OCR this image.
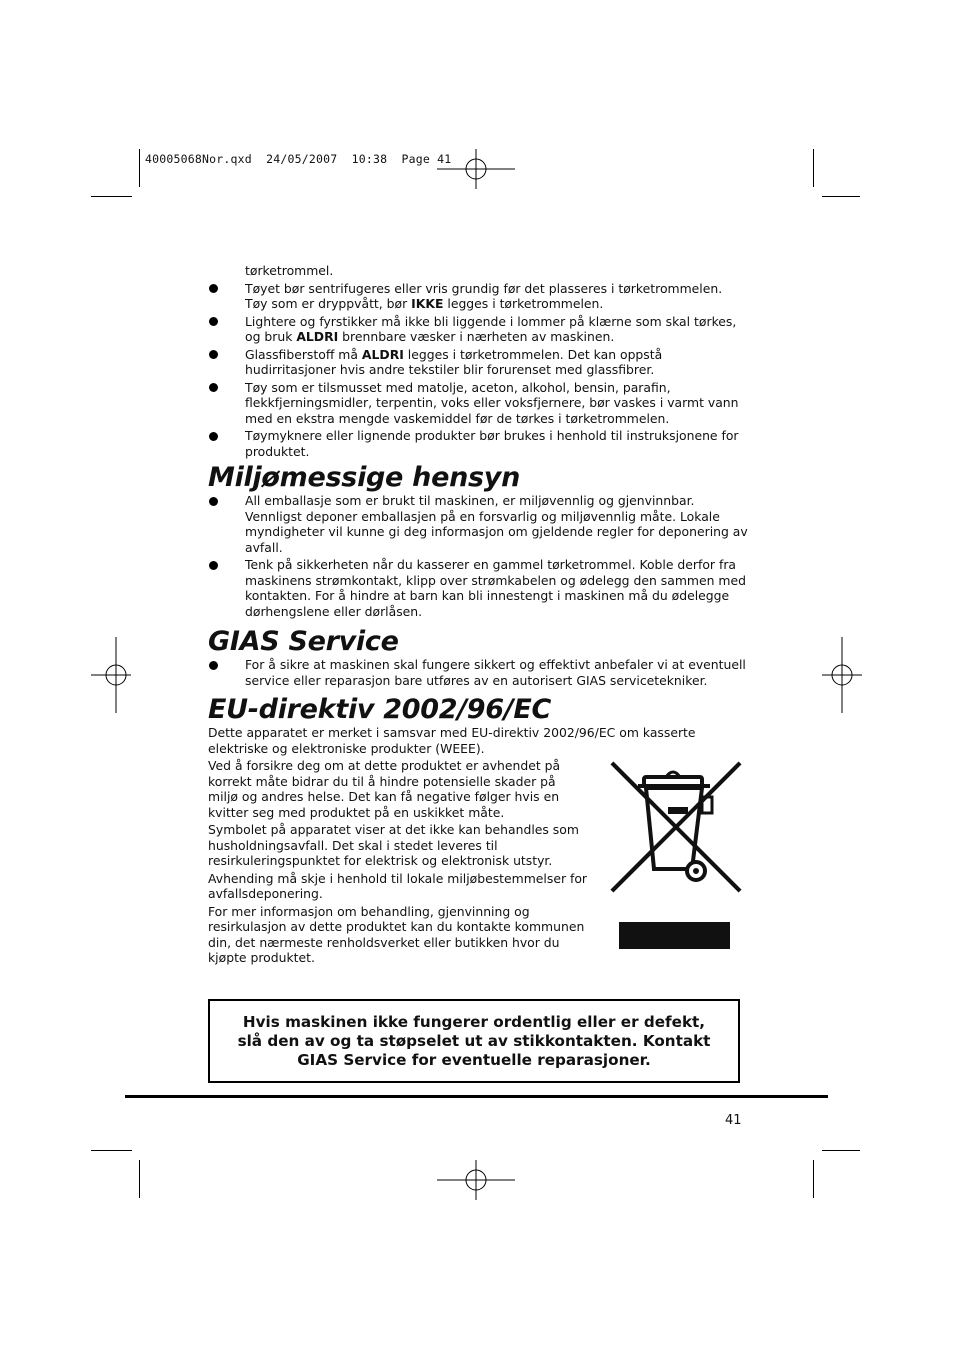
40005068Nor.qxd  24/05/2007  10:38  Page 41
tørketrommel.
Tøyet bør sentrifugeres eller vris grundig før det plasseres i tørketrommelen. Tøy som er dryppvått, bør IKKE legges i tørketrommelen.
Lightere og fyrstikker må ikke bli liggende i lommer på klærne som skal tørkes, og bruk ALDRI brennbare væsker i nærheten av maskinen.
Glassfiberstoff må ALDRI legges i tørketrommelen. Det kan oppstå hudirritasjoner hvis andre tekstiler blir forurenset med glassfibrer.
Tøy som er tilsmusset med matolje, aceton, alkohol, bensin, parafin, flekkfjerningsmidler, terpentin, voks eller voksfjernere, bør vaskes i varmt vann med en ekstra mengde vaskemiddel før de tørkes i tørketrommelen.
Tøymyknere eller lignende produkter bør brukes i henhold til instruksjonene for produktet.
Miljømessige hensyn
All emballasje som er brukt til maskinen, er miljøvennlig og gjenvinnbar. Vennligst deponer emballasjen på en forsvarlig og miljøvennlig måte. Lokale myndigheter vil kunne gi deg informasjon om gjeldende regler for deponering av avfall.
Tenk på sikkerheten når du kasserer en gammel tørketrommel. Koble derfor fra maskinens strømkontakt, klipp over strømkabelen og ødelegg den sammen med kontakten. For å hindre at barn kan bli innestengt i maskinen må du ødelegge dørhengslene eller dørlåsen.
GIAS Service
For å sikre at maskinen skal fungere sikkert og effektivt anbefaler vi at eventuell service eller reparasjon bare utføres av en autorisert GIAS servicetekniker.
EU-direktiv 2002/96/EC

Dette apparatet er merket i samsvar med EU-direktiv 2002/96/EC om kasserte elektriske og elektroniske produkter (WEEE).

Ved å forsikre deg om at dette produktet er avhendet på korrekt måte bidrar du til å hindre potensielle skader på miljø og andres helse. Det kan få negative følger hvis en kvitter seg med produktet på en uskikket måte.

Symbolet på apparatet viser at det ikke kan behandles som husholdningsavfall. Det skal i stedet leveres til resirkuleringspunktet for elektrisk og elektronisk utstyr.

Avhending må skje i henhold til lokale miljøbestemmelser for avfallsdeponering.

For mer informasjon om behandling, gjenvinning og resirkulasjon av dette produktet kan du kontakte kommunen din, det nærmeste renholdsverket eller butikken hvor du kjøpte produktet.

Hvis maskinen ikke fungerer ordentlig eller er defekt, slå den av og ta støpselet ut av stikkontakten. Kontakt GIAS Service for eventuelle reparasjoner.
41
